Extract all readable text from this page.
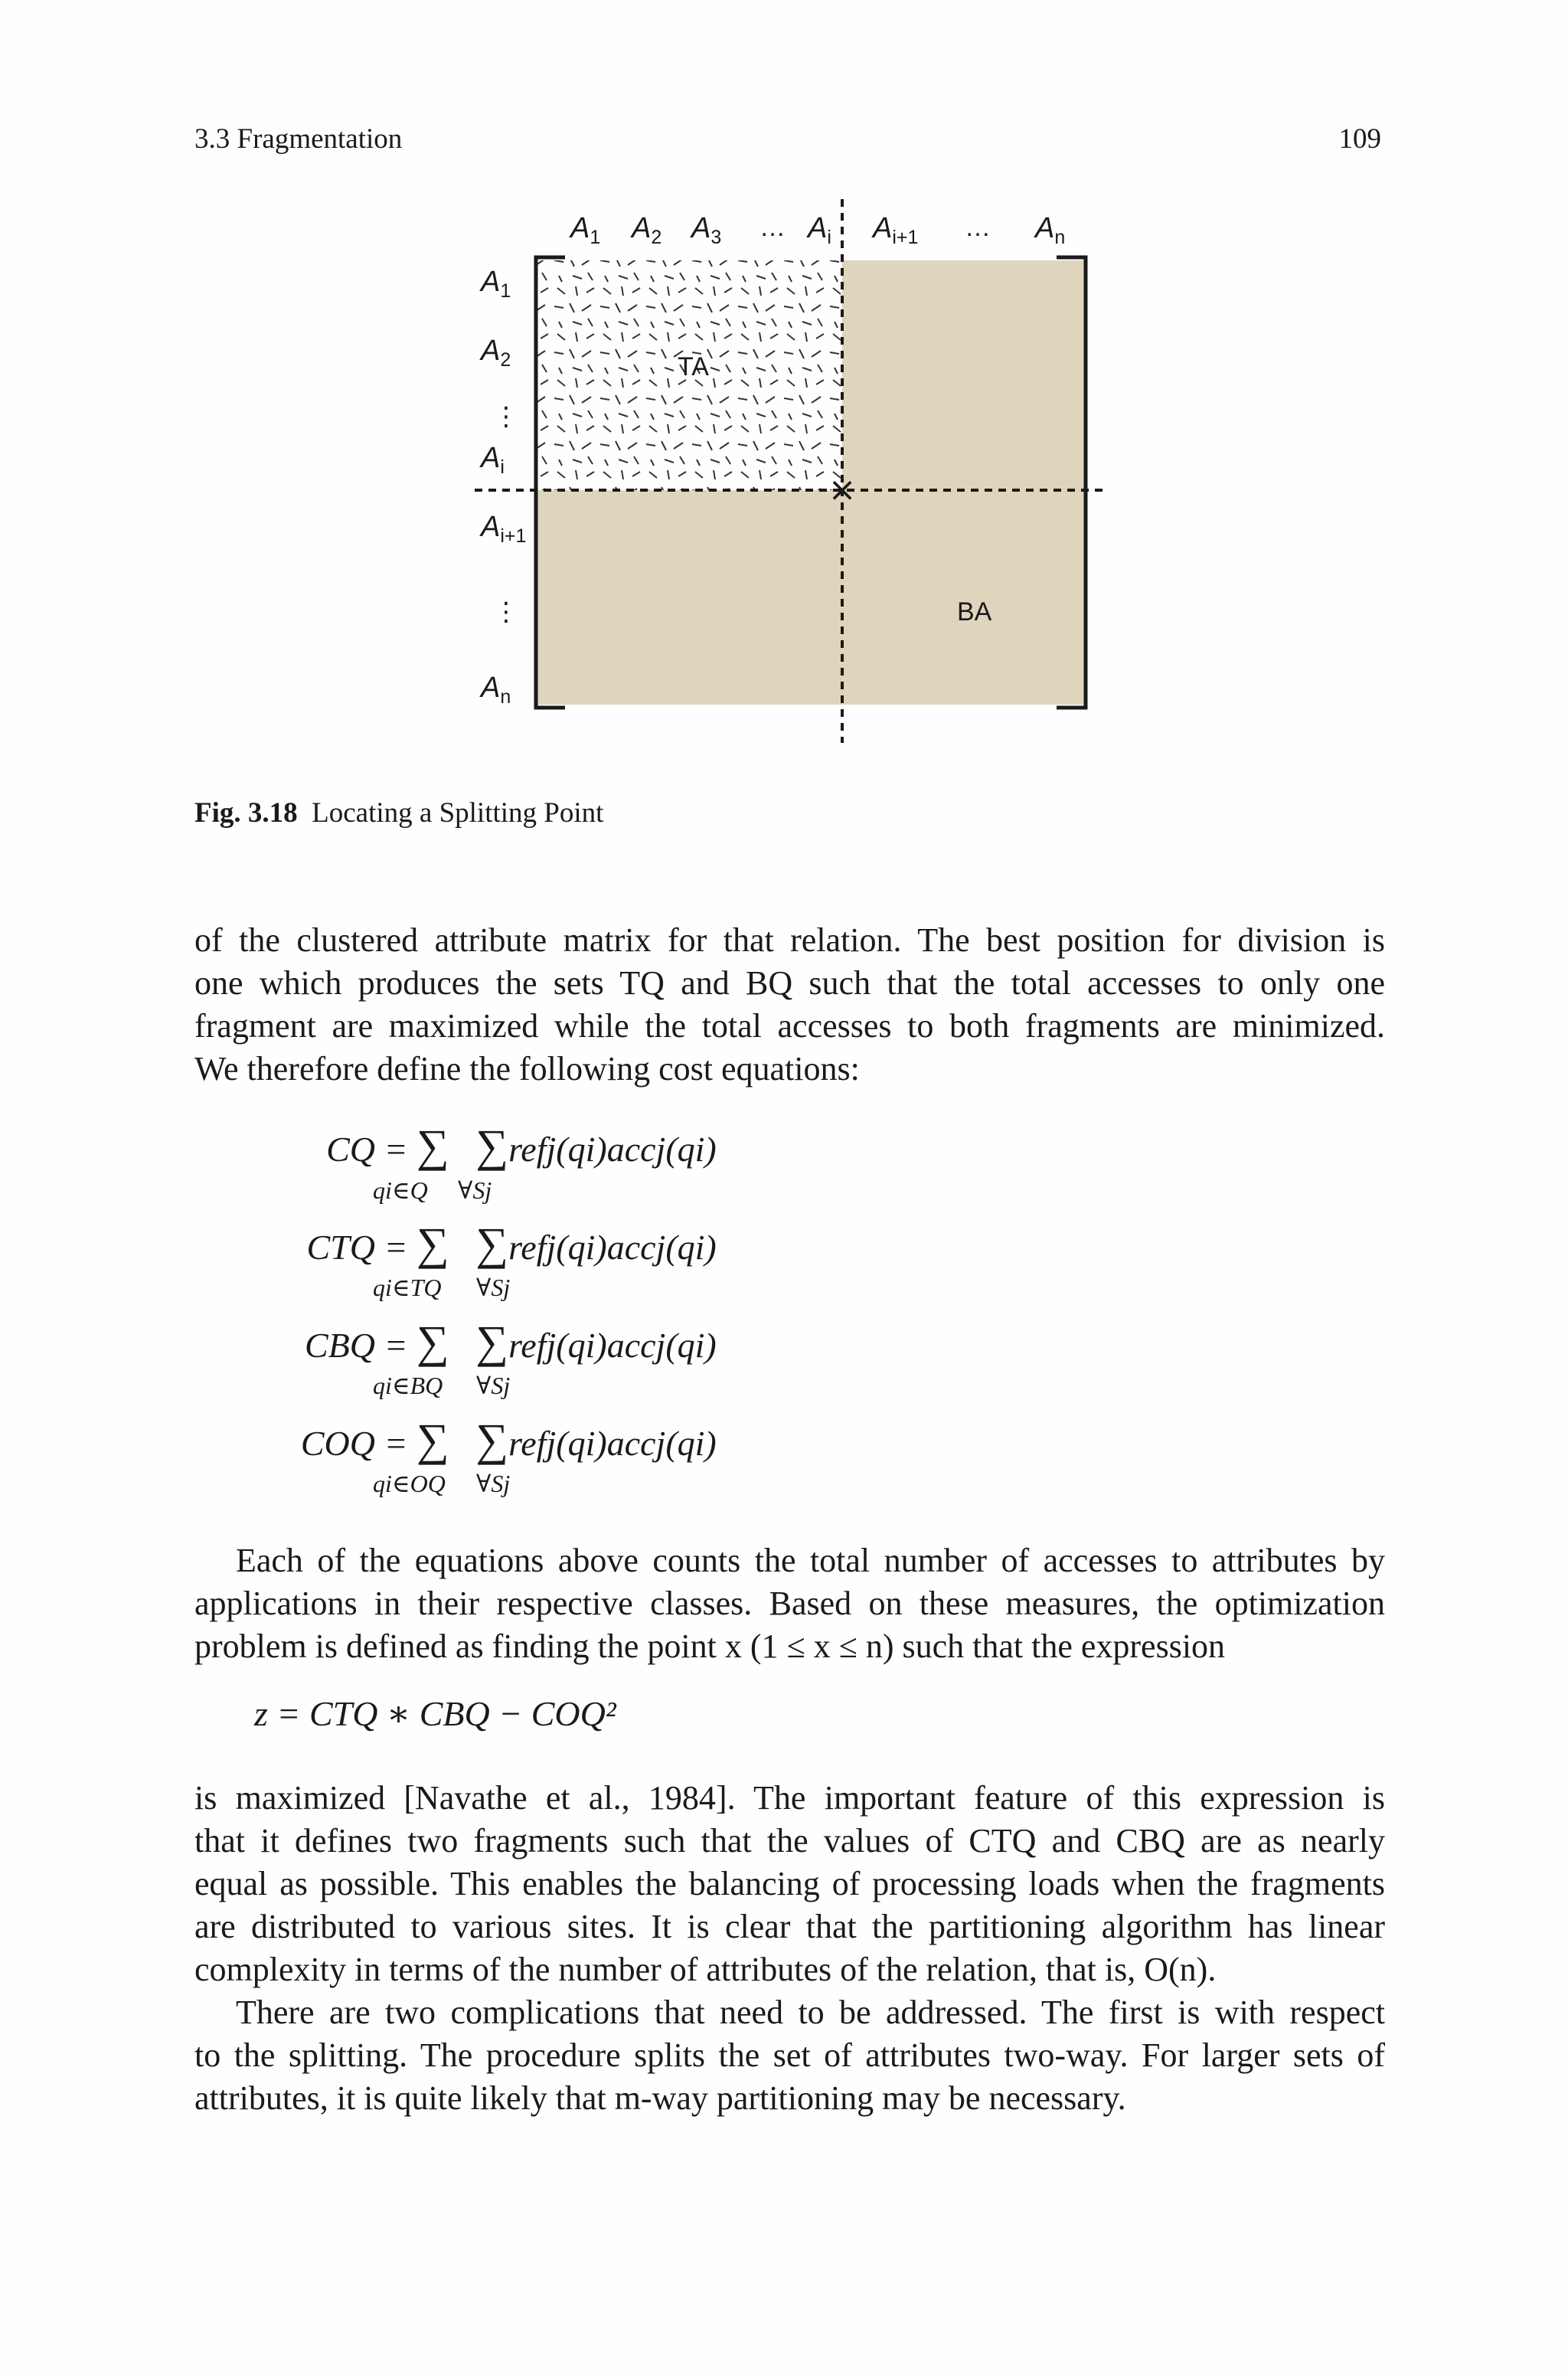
3.3 Fragmentation	109
×
TA
BA
$A_1$ $A_2$ $A_3$ … $A_i$ $A_{i+1}$ … $A_n$
$A_1$
$A_2$
⋮
$A_i$
$A_{i+1}$
⋮
$A_n$
Fig. 3.18 Locating a Splitting Point
of the clustered attribute matrix for that relation. The best position for division is
one which produces the sets TQ and BQ such that the total accesses to only one
fragment are maximized while the total accesses to both fragments are minimized.
We therefore define the following cost equations:
CQ = ∑ ∑refj(qi)accj(qi)
qi∈Q ∀Sj
CTQ = ∑ ∑refj(qi)accj(qi)
qi∈TQ ∀Sj
CBQ = ∑ ∑refj(qi)accj(qi)
qi∈BQ ∀Sj
COQ = ∑ ∑refj(qi)accj(qi)
qi∈OQ ∀Sj
Each of the equations above counts the total number of accesses to attributes by
applications in their respective classes. Based on these measures, the optimization
problem is defined as finding the point x (1 ≤ x ≤ n) such that the expression
z = CTQ ∗ CBQ − COQ²
is maximized [Navathe et al., 1984]. The important feature of this expression is
that it defines two fragments such that the values of CTQ and CBQ are as nearly
equal as possible. This enables the balancing of processing loads when the fragments
are distributed to various sites. It is clear that the partitioning algorithm has linear
complexity in terms of the number of attributes of the relation, that is, O(n).
There are two complications that need to be addressed. The first is with respect
to the splitting. The procedure splits the set of attributes two-way. For larger sets of
attributes, it is quite likely that m-way partitioning may be necessary.
